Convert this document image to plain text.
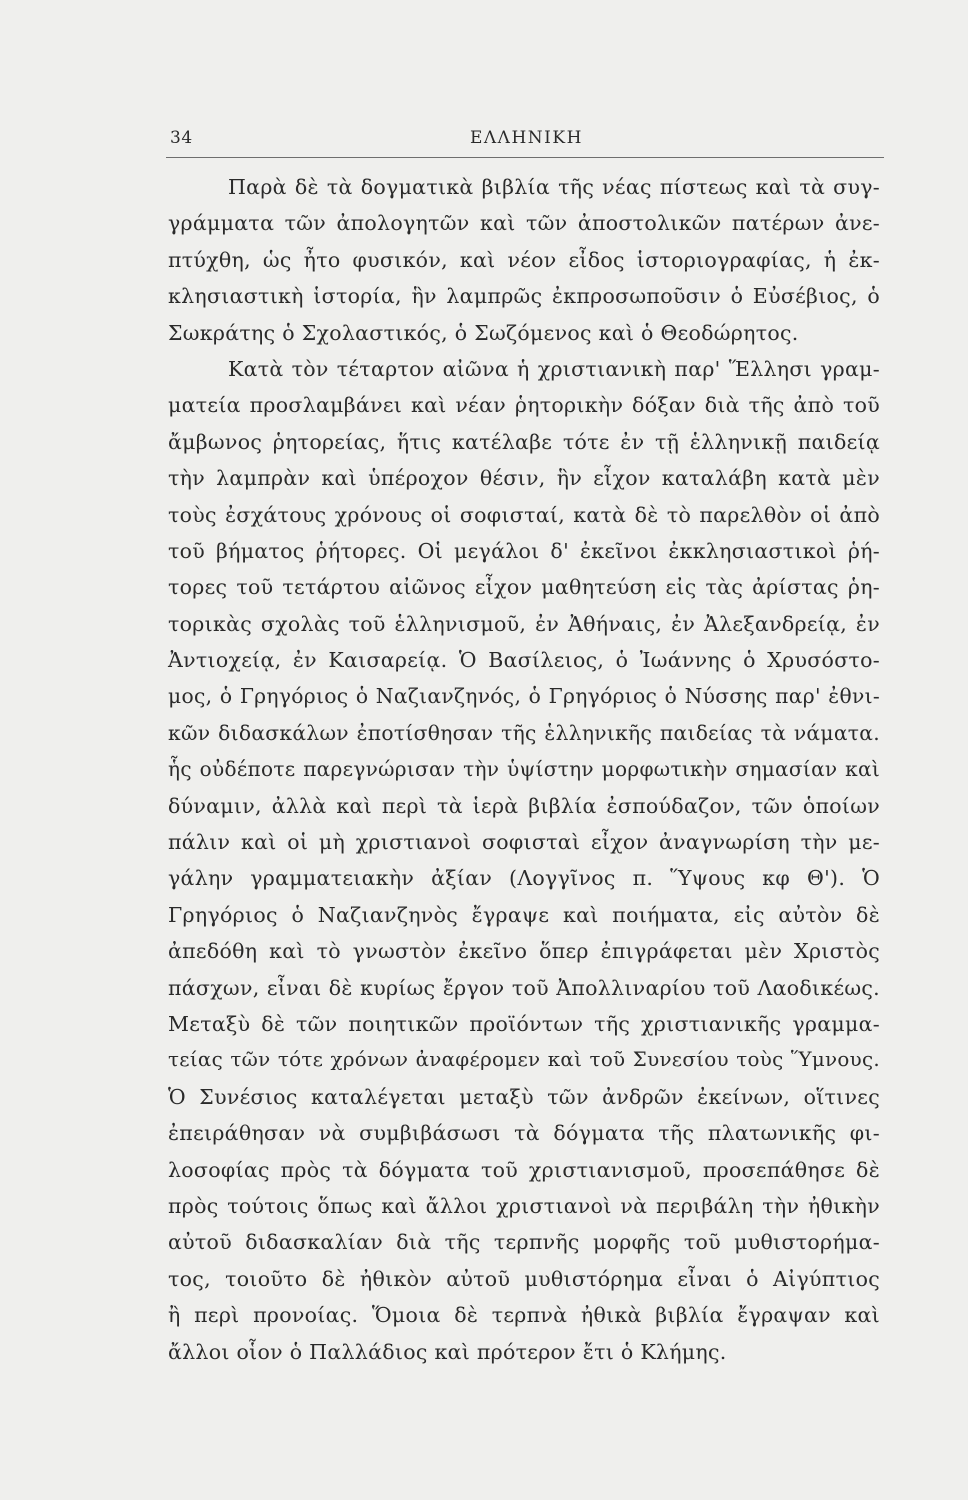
34	ΕΛΛΗΝΙΚΗ
Παρὰ δὲ τὰ δογματικὰ βιβλία τῆς νέας πίστεως καὶ τὰ συγ-
γράμματα τῶν ἀπολογητῶν καὶ τῶν ἀποστολικῶν πατέρων ἀνε-
πτύχθη, ὡς ἦτο φυσικόν, καὶ νέον εἶδος ἱστοριογραφίας, ἡ ἐκ-
κλησιαστικὴ ἱστορία, ἣν λαμπρῶς ἐκπροσωποῦσιν ὁ Εὐσέβιος, ὁ
Σωκράτης ὁ Σχολαστικός, ὁ Σωζόμενος καὶ ὁ Θεοδώρητος.
Κατὰ τὸν τέταρτον αἰῶνα ἡ χριστιανικὴ παρ' Ἕλλησι γραμ-
ματεία προσλαμβάνει καὶ νέαν ῥητορικὴν δόξαν διὰ τῆς ἀπὸ τοῦ
ἄμβωνος ῥητορείας, ἥτις κατέλαβε τότε ἐν τῇ ἑλληνικῇ παιδείᾳ
τὴν λαμπρὰν καὶ ὑπέροχον θέσιν, ἣν εἶχον καταλάβη κατὰ μὲν
τοὺς ἐσχάτους χρόνους οἱ σοφισταί, κατὰ δὲ τὸ παρελθὸν οἱ ἀπὸ
τοῦ βήματος ῥήτορες. Οἱ μεγάλοι δ' ἐκεῖνοι ἐκκλησιαστικοὶ ῥή-
τορες τοῦ τετάρτου αἰῶνος εἶχον μαθητεύση εἰς τὰς ἀρίστας ῥη-
τορικὰς σχολὰς τοῦ ἑλληνισμοῦ, ἐν Ἀθήναις, ἐν Ἀλεξανδρείᾳ, ἐν
Ἀντιοχείᾳ, ἐν Καισαρείᾳ. Ὁ Βασίλειος, ὁ Ἰωάννης ὁ Χρυσόστο-
μος, ὁ Γρηγόριος ὁ Ναζιανζηνός, ὁ Γρηγόριος ὁ Νύσσης παρ' ἐθνι-
κῶν διδασκάλων ἐποτίσθησαν τῆς ἑλληνικῆς παιδείας τὰ νάματα.
ἧς οὐδέποτε παρεγνώρισαν τὴν ὑψίστην μορφωτικὴν σημασίαν καὶ
δύναμιν, ἀλλὰ καὶ περὶ τὰ ἱερὰ βιβλία ἐσπούδαζον, τῶν ὁποίων
πάλιν καὶ οἱ μὴ χριστιανοὶ σοφισταὶ εἶχον ἀναγνωρίση τὴν με-
γάλην γραμματειακὴν ἀξίαν (Λογγῖνος π. Ὕψους κφ Θ'). Ὁ
Γρηγόριος ὁ Ναζιανζηνὸς ἔγραψε καὶ ποιήματα, εἰς αὐτὸν δὲ
ἀπεδόθη καὶ τὸ γνωστὸν ἐκεῖνο ὅπερ ἐπιγράφεται μὲν Χριστὸς
πάσχων, εἶναι δὲ κυρίως ἔργον τοῦ Ἀπολλιναρίου τοῦ Λαοδικέως.
Μεταξὺ δὲ τῶν ποιητικῶν προϊόντων τῆς χριστιανικῆς γραμμα-
τείας τῶν τότε χρόνων ἀναφέρομεν καὶ τοῦ Συνεσίου τοὺς Ὕμνους.
Ὁ Συνέσιος καταλέγεται μεταξὺ τῶν ἀνδρῶν ἐκείνων, οἵτινες
ἐπειράθησαν νὰ συμβιβάσωσι τὰ δόγματα τῆς πλατωνικῆς φι-
λοσοφίας πρὸς τὰ δόγματα τοῦ χριστιανισμοῦ, προσεπάθησε δὲ
πρὸς τούτοις ὅπως καὶ ἄλλοι χριστιανοὶ νὰ περιβάλη τὴν ἠθικὴν
αὐτοῦ διδασκαλίαν διὰ τῆς τερπνῆς μορφῆς τοῦ μυθιστορήμα-
τος, τοιοῦτο δὲ ἠθικὸν αὐτοῦ μυθιστόρημα εἶναι ὁ Αἰγύπτιος
ἢ περὶ προνοίας. Ὅμοια δὲ τερπνὰ ἠθικὰ βιβλία ἔγραψαν καὶ
ἄλλοι οἷον ὁ Παλλάδιος καὶ πρότερον ἔτι ὁ Κλήμης.
